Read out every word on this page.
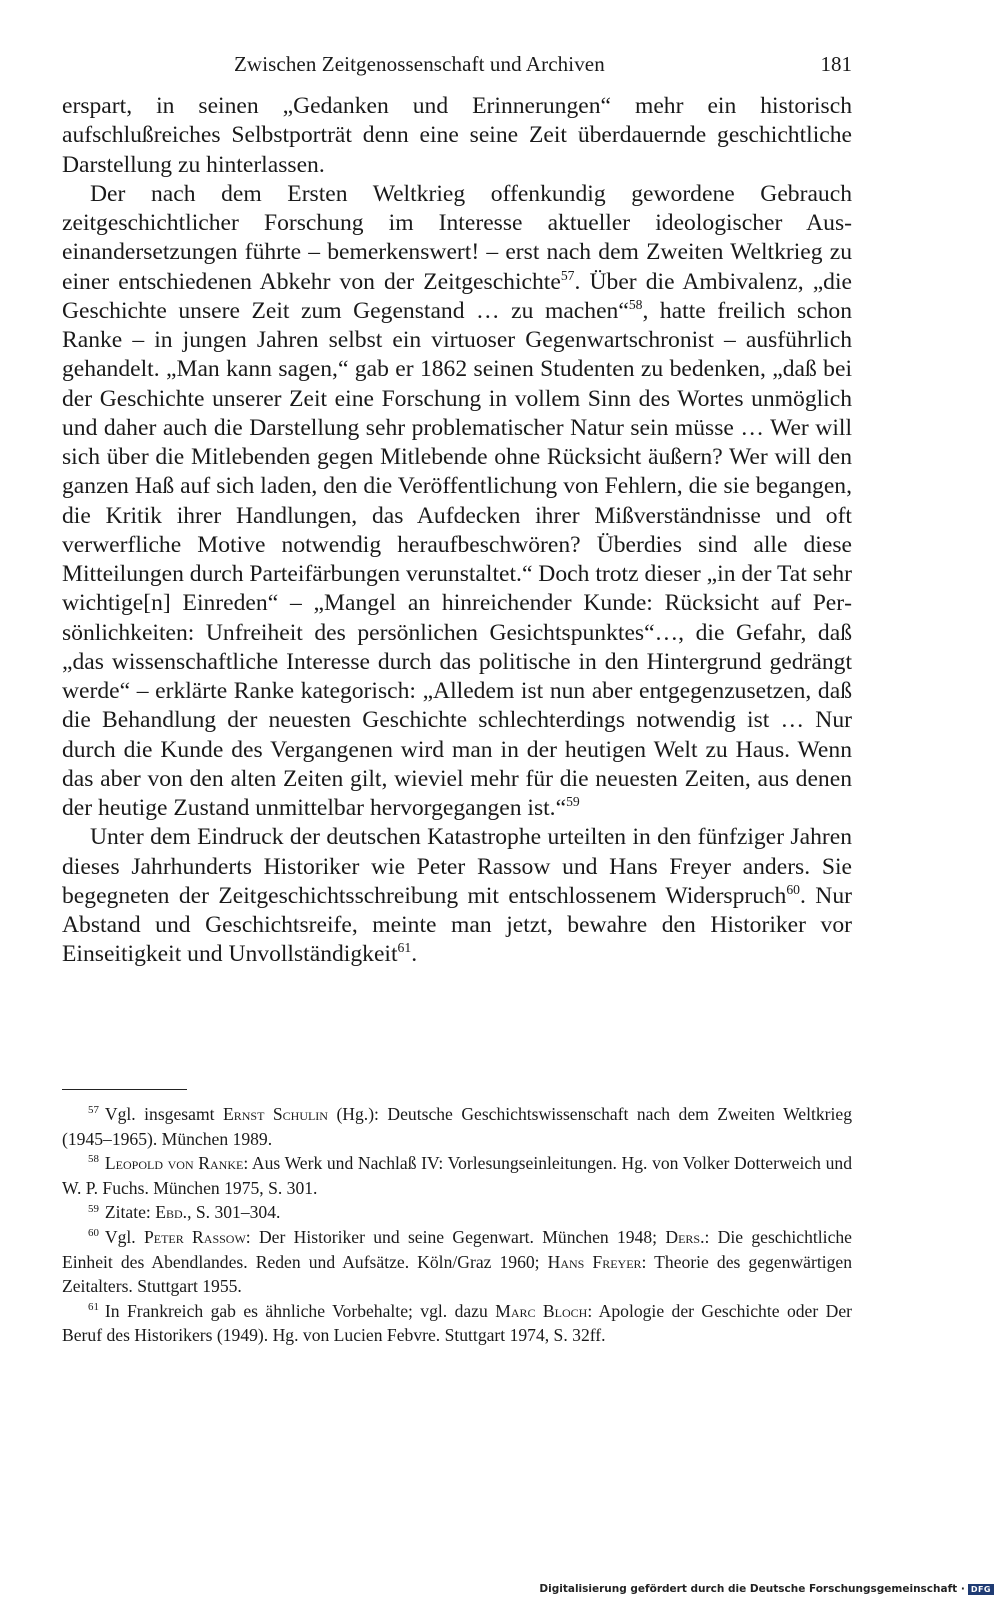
Zwischen Zeitgenossenschaft und Archiven	181

erspart, in seinen „Gedanken und Erinnerungen“ mehr ein historisch aufschlußreiches Selbstporträt denn eine seine Zeit überdauernde geschichtliche Darstellung zu hinterlassen.

Der nach dem Ersten Weltkrieg offenkundig gewordene Gebrauch zeitgeschichtlicher Forschung im Interesse aktueller ideologischer Auseinandersetzungen führte – bemerkenswert! – erst nach dem Zweiten Weltkrieg zu einer entschiedenen Abkehr von der Zeitgeschichte$^{57}$. Über die Ambivalenz, „die Geschichte unsere Zeit zum Gegenstand … zu machen“$^{58}$, hatte freilich schon Ranke – in jungen Jahren selbst ein virtuoser Gegenwartschronist – ausführlich gehandelt. „Man kann sagen,“ gab er 1862 seinen Studenten zu bedenken, „daß bei der Geschichte unserer Zeit eine Forschung in vollem Sinn des Wortes unmöglich und daher auch die Darstellung sehr problematischer Natur sein müsse … Wer will sich über die Mitlebenden gegen Mitlebende ohne Rücksicht äußern? Wer will den ganzen Haß auf sich laden, den die Veröffentlichung von Fehlern, die sie begangen, die Kritik ihrer Handlungen, das Aufdecken ihrer Mißverständnisse und oft verwerfliche Motive notwendig heraufbeschwören? Überdies sind alle diese Mitteilungen durch Parteifärbungen verunstaltet.“ Doch trotz dieser „in der Tat sehr wichtige[n] Einreden“ – „Mangel an hinreichender Kunde: Rücksicht auf Persönlichkeiten: Unfreiheit des persönlichen Gesichtspunktes“…, die Gefahr, daß „das wissenschaftliche Interesse durch das politische in den Hintergrund gedrängt werde“ – erklärte Ranke kategorisch: „Alledem ist nun aber entgegenzusetzen, daß die Behandlung der neuesten Geschichte schlechterdings notwendig ist … Nur durch die Kunde des Vergangenen wird man in der heutigen Welt zu Haus. Wenn das aber von den alten Zeiten gilt, wieviel mehr für die neuesten Zeiten, aus denen der heutige Zustand unmittelbar hervorgegangen ist.“$^{59}$

Unter dem Eindruck der deutschen Katastrophe urteilten in den fünfziger Jahren dieses Jahrhunderts Historiker wie Peter Rassow und Hans Freyer anders. Sie begegneten der Zeitgeschichtsschreibung mit entschlossenem Widerspruch$^{60}$. Nur Abstand und Geschichtsreife, meinte man jetzt, bewahre den Historiker vor Einseitigkeit und Unvollständigkeit$^{61}$.

$^{57}$ Vgl. insgesamt Ernst Schulin (Hg.): Deutsche Geschichtswissenschaft nach dem Zweiten Weltkrieg (1945–1965). München 1989.

$^{58}$ Leopold von Ranke: Aus Werk und Nachlaß IV: Vorlesungseinleitungen. Hg. von Volker Dotterweich und W. P. Fuchs. München 1975, S. 301.

$^{59}$ Zitate: Ebd., S. 301–304.

$^{60}$ Vgl. Peter Rassow: Der Historiker und seine Gegenwart. München 1948; Ders.: Die geschichtliche Einheit des Abendlandes. Reden und Aufsätze. Köln/Graz 1960; Hans Freyer: Theorie des gegenwärtigen Zeitalters. Stuttgart 1955.

$^{61}$ In Frankreich gab es ähnliche Vorbehalte; vgl. dazu Marc Bloch: Apologie der Geschichte oder Der Beruf des Historikers (1949). Hg. von Lucien Febvre. Stuttgart 1974, S. 32ff.

Digitalisierung gefördert durch die Deutsche Forschungsgemeinschaft · DFG
